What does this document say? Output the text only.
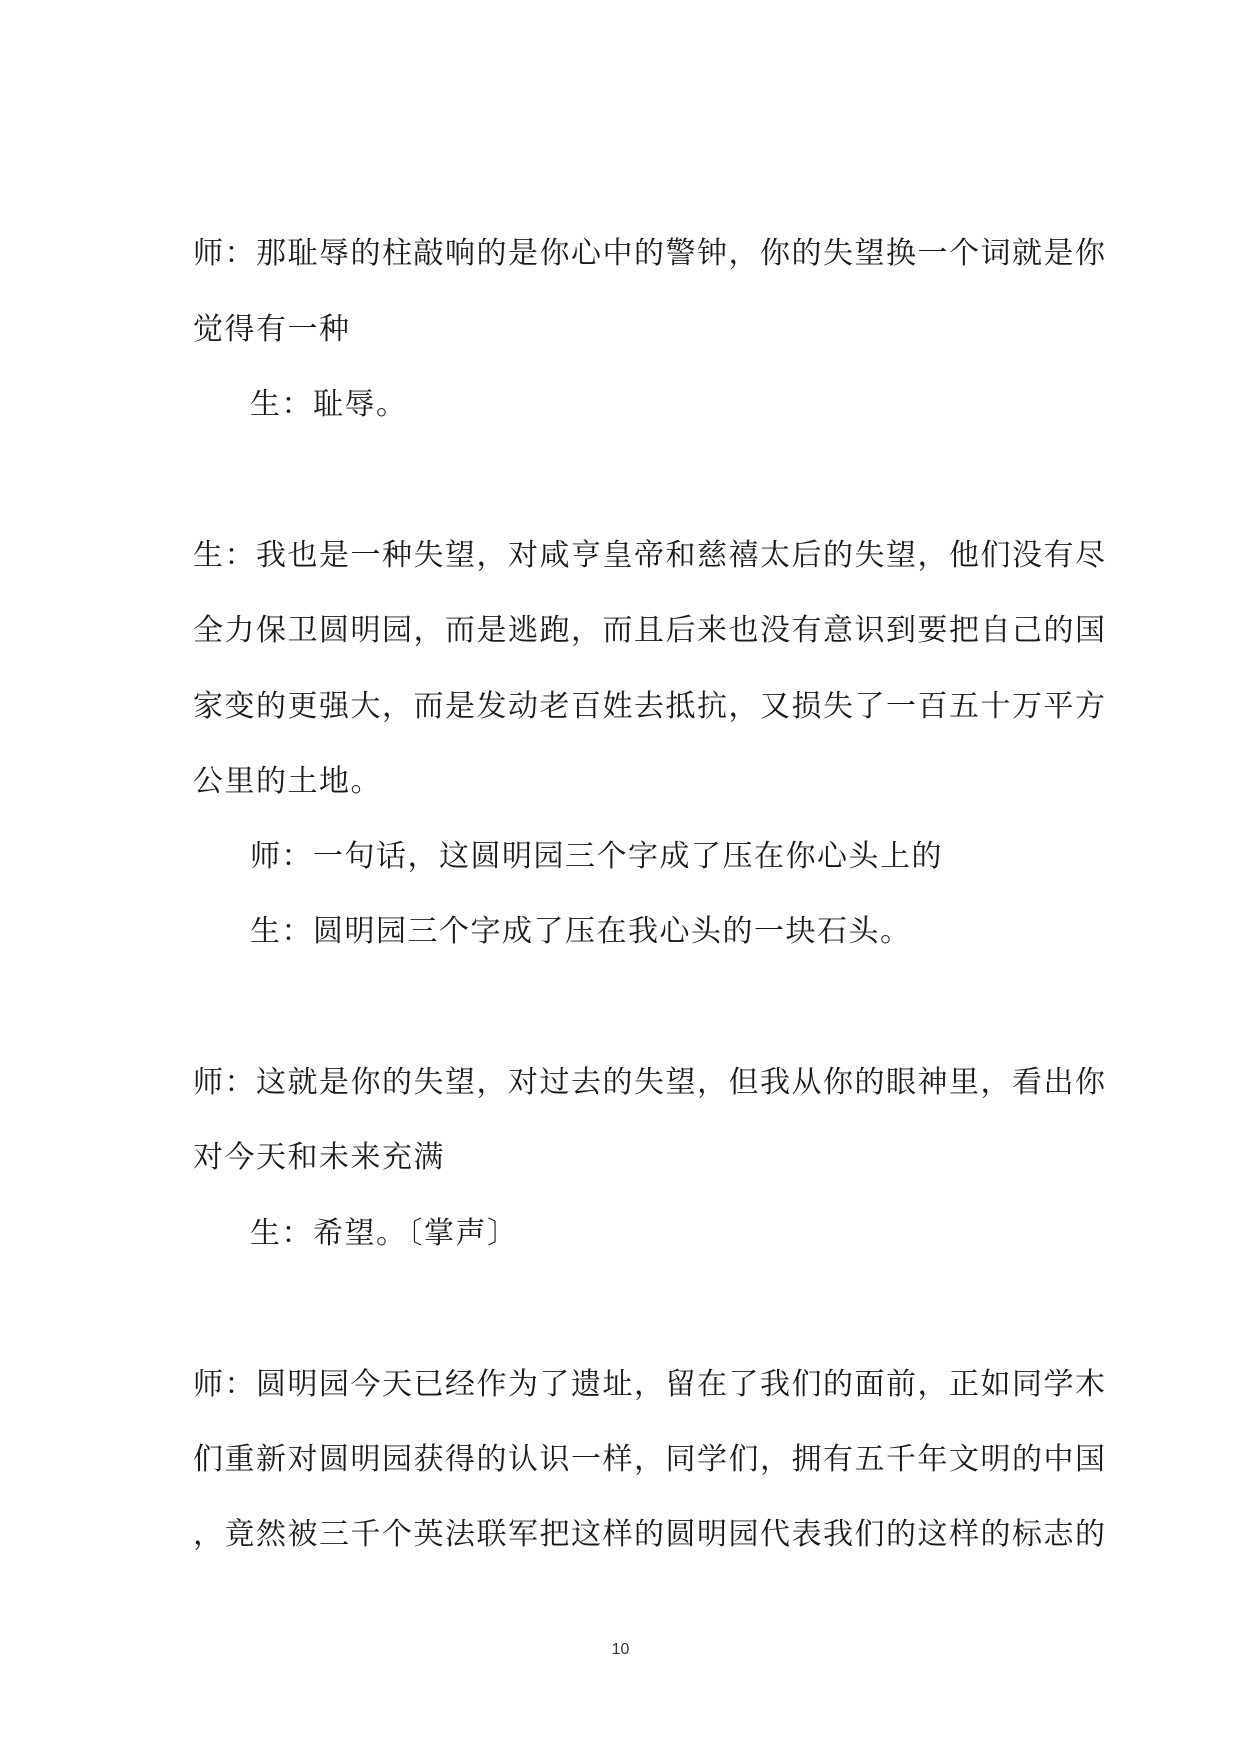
师：那耻辱的柱敲响的是你心中的警钟，你的失望换一个词就是你

觉得有一种

生：耻辱。

生：我也是一种失望，对咸亨皇帝和慈禧太后的失望，他们没有尽

全力保卫圆明园，而是逃跑，而且后来也没有意识到要把自己的国

家变的更强大，而是发动老百姓去抵抗，又损失了一百五十万平方

公里的土地。

师：一句话，这圆明园三个字成了压在你心头上的

生：圆明园三个字成了压在我心头的一块石头。

师：这就是你的失望，对过去的失望，但我从你的眼神里，看出你

对今天和未来充满

生：希望。〔掌声〕

师：圆明园今天已经作为了遗址，留在了我们的面前，正如同学木

们重新对圆明园获得的认识一样，同学们，拥有五千年文明的中国

，竟然被三千个英法联军把这样的圆明园代表我们的这样的标志的

10
